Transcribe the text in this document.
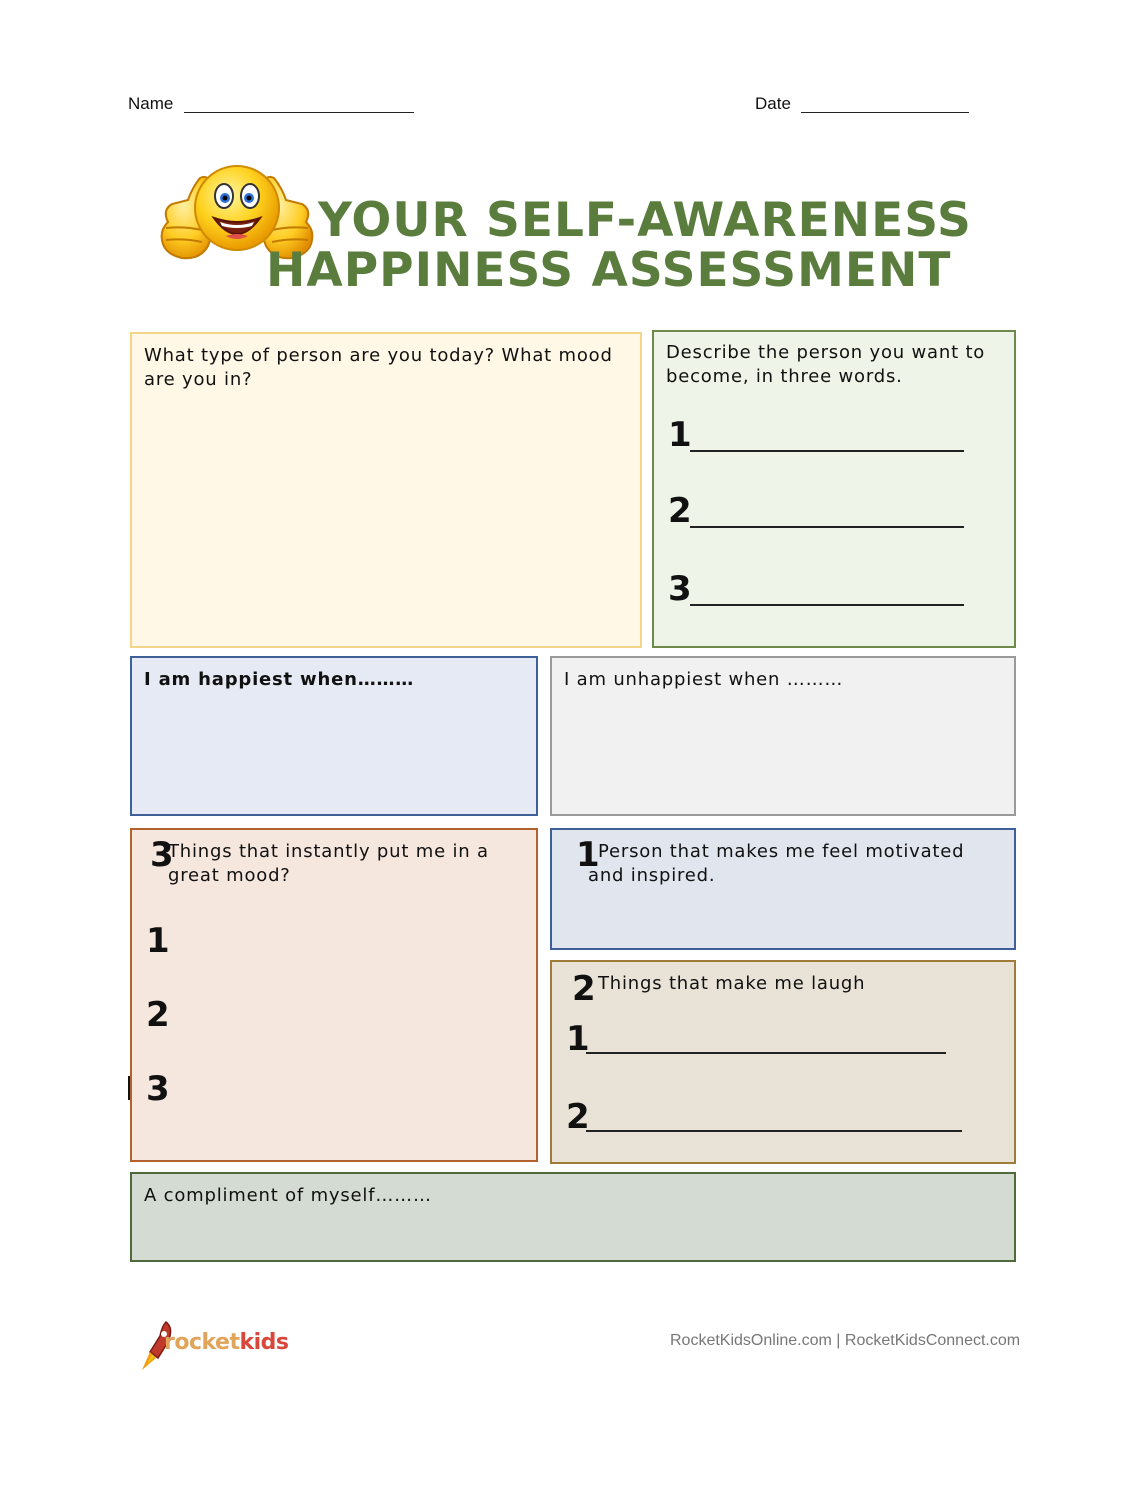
Name	Date
YOUR SELF-AWARENESS
HAPPINESS ASSESSMENT
What type of person are you today? What mood are you in?
Describe the person you want to become, in three words.
1
2
3
I am happiest when………	I am unhappiest when ………
3
Things that instantly put me in a great mood?
1
2
3
1
Person that makes me feel motivated and inspired.
2 Things that make me laugh
1
2
A compliment of myself………
rocketkids	RocketKidsOnline.com | RocketKidsConnect.com
